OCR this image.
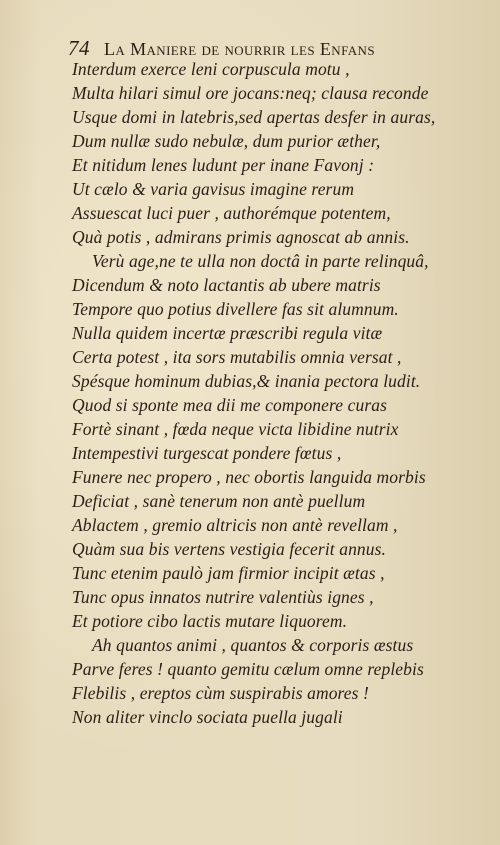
74 La Maniere de nourrir les Enfans
Interdum exerce leni corpuscula motu ,
Multa hilari simul ore jocans:neq; clausa reconde
Usque domi in latebris,sed apertas desfer in auras,
Dum nullæ sudo nebulæ, dum purior æther,
Et nitidum lenes ludunt per inane Favonj :
Ut cælo & varia gavisus imagine rerum
Assuescat luci puer , authorémque potentem,
Quà potis , admirans primis agnoscat ab annis.
Verù age,ne te ulla non doctâ in parte relinquâ,
Dicendum & noto lactantis ab ubere matris
Tempore quo potius divellere fas sit alumnum.
Nulla quidem incertæ præscribi regula vitæ
Certa potest , ita sors mutabilis omnia versat ,
Spésque hominum dubias,& inania pectora ludit.
Quod si sponte mea dii me componere curas
Fortè sinant , fœda neque victa libidine nutrix
Intempestivi turgescat pondere fœtus ,
Funere nec propero , nec obortis languida morbis
Deficiat , sanè tenerum non antè puellum
Ablactem , gremio altricis non antè revellam ,
Quàm sua bis vertens vestigia fecerit annus.
Tunc etenim paulò jam firmior incipit ætas ,
Tunc opus innatos nutrire valentiùs ignes ,
Et potiore cibo lactis mutare liquorem.
Ah quantos animi , quantos & corporis æstus
Parve feres ! quanto gemitu cælum omne replebis
Flebilis , ereptos cùm suspirabis amores !
Non aliter vinclo sociata puella jugali
